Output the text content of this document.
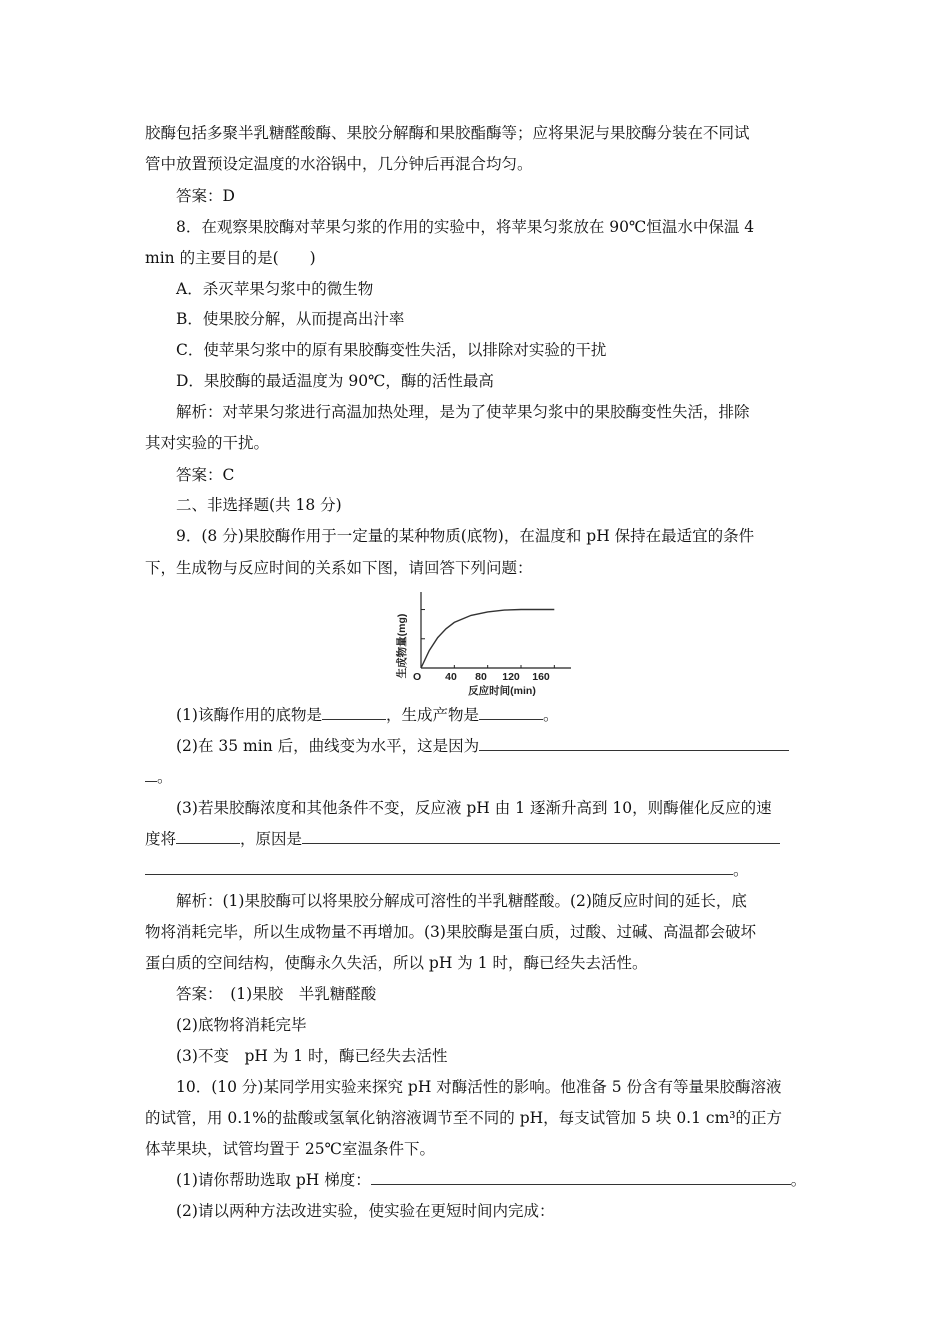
胶酶包括多聚半乳糖醛酸酶、果胶分解酶和果胶酯酶等；应将果泥与果胶酶分装在不同试
管中放置预设定温度的水浴锅中，几分钟后再混合均匀。
答案：D
8．在观察果胶酶对苹果匀浆的作用的实验中，将苹果匀浆放在 90℃恒温水中保温 4
min 的主要目的是(　　)
A．杀灭苹果匀浆中的微生物
B．使果胶分解，从而提高出汁率
C．使苹果匀浆中的原有果胶酶变性失活，以排除对实验的干扰
D．果胶酶的最适温度为 90℃，酶的活性最高
解析：对苹果匀浆进行高温加热处理，是为了使苹果匀浆中的果胶酶变性失活，排除
其对实验的干扰。
答案：C
二、非选择题(共 18 分)
9．(8 分)果胶酶作用于一定量的某种物质(底物)，在温度和 pH 保持在最适宜的条件
下，生成物与反应时间的关系如下图，请回答下列问题：
生成物量(mg) O 40 80 120 160
反应时间(min)
(1)该酶作用的底物是	，生成产物是	。
(2)在 35 min 后，曲线变为水平，这是因为
。
(3)若果胶酶浓度和其他条件不变，反应液 pH 由 1 逐渐升高到 10，则酶催化反应的速
度将	，原因是
。
解析：(1)果胶酶可以将果胶分解成可溶性的半乳糖醛酸。(2)随反应时间的延长，底
物将消耗完毕，所以生成物量不再增加。(3)果胶酶是蛋白质，过酸、过碱、高温都会破坏
蛋白质的空间结构，使酶永久失活，所以 pH 为 1 时，酶已经失去活性。
答案：　(1)果胶　半乳糖醛酸
(2)底物将消耗完毕
(3)不变　pH 为 1 时，酶已经失去活性
10．(10 分)某同学用实验来探究 pH 对酶活性的影响。他准备 5 份含有等量果胶酶溶液
的试管，用 0.1%的盐酸或氢氧化钠溶液调节至不同的 pH，每支试管加 5 块 0.1 cm³的正方
体苹果块，试管均置于 25℃室温条件下。
(1)请你帮助选取 pH 梯度：	。
(2)请以两种方法改进实验，使实验在更短时间内完成：
